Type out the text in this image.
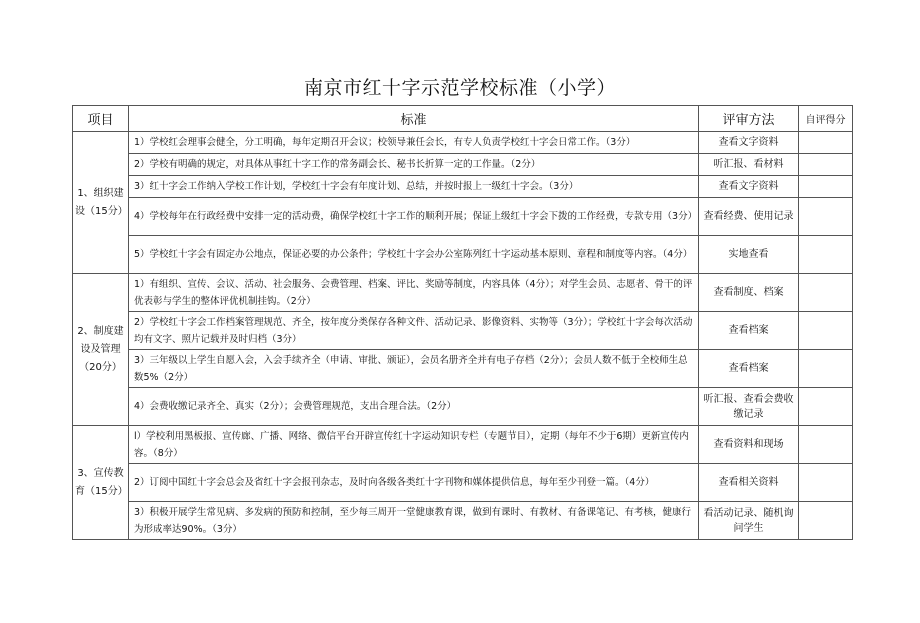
南京市红十字示范学校标准（小学）
项目	标准	评审方法	自评得分
1、组织建设（15分）	1）学校红会理事会健全，分工明确，每年定期召开会议；校领导兼任会长，有专人负责学校红十字会日常工作。（3分）	查看文字资料	
	2）学校有明确的规定，对具体从事红十字工作的常务副会长、秘书长折算一定的工作量。（2分）	听汇报、看材料	
	3）红十字会工作纳入学校工作计划，学校红十字会有年度计划、总结，并按时报上一级红十字会。（3分）	查看文字资料	
	4）学校每年在行政经费中安排一定的活动费，确保学校红十字工作的顺利开展；保证上级红十字会下拨的工作经费，专款专用（3分）	查看经费、使用记录	
	5）学校红十字会有固定办公地点，保证必要的办公条件；学校红十字会办公室陈列红十字运动基本原则、章程和制度等内容。（4分）	实地查看	
2、制度建设及管理（20分）	1）有组织、宣传、会议、活动、社会服务、会费管理、档案、评比、奖励等制度，内容具体（4分）；对学生会员、志愿者、骨干的评优表彰与学生的整体评优机制挂钩。（2分）	查看制度、档案	
	2）学校红十字会工作档案管理规范、齐全，按年度分类保存各种文件、活动记录、影像资料、实物等（3分）；学校红十字会每次活动均有文字、照片记载并及时归档（3分）	查看档案	
	3）三年级以上学生自愿入会，入会手续齐全（申请、审批、颁证），会员名册齐全并有电子存档（2分）；会员人数不低于全校师生总数5%（2分）	查看档案	
	4）会费收缴记录齐全、真实（2分）；会费管理规范，支出合理合法。（2分）	听汇报、查看会费收缴记录	
3、宣传教育（15分）	l）学校利用黑板报、宣传廊、广播、网络、微信平台开辟宣传红十字运动知识专栏（专题节目），定期（每年不少于6期）更新宣传内容。（8分）	查看资料和现场	
	2）订阅中国红十字会总会及省红十字会报刊杂志，及时向各级各类红十字刊物和媒体提供信息，每年至少刊登一篇。（4分）	查看相关资料	
	3）积极开展学生常见病、多发病的预防和控制，至少每三周开一堂健康教育课，做到有课时、有教材、有备课笔记、有考核，健康行为形成率达90%。（3分）	看活动记录、随机询问学生	
